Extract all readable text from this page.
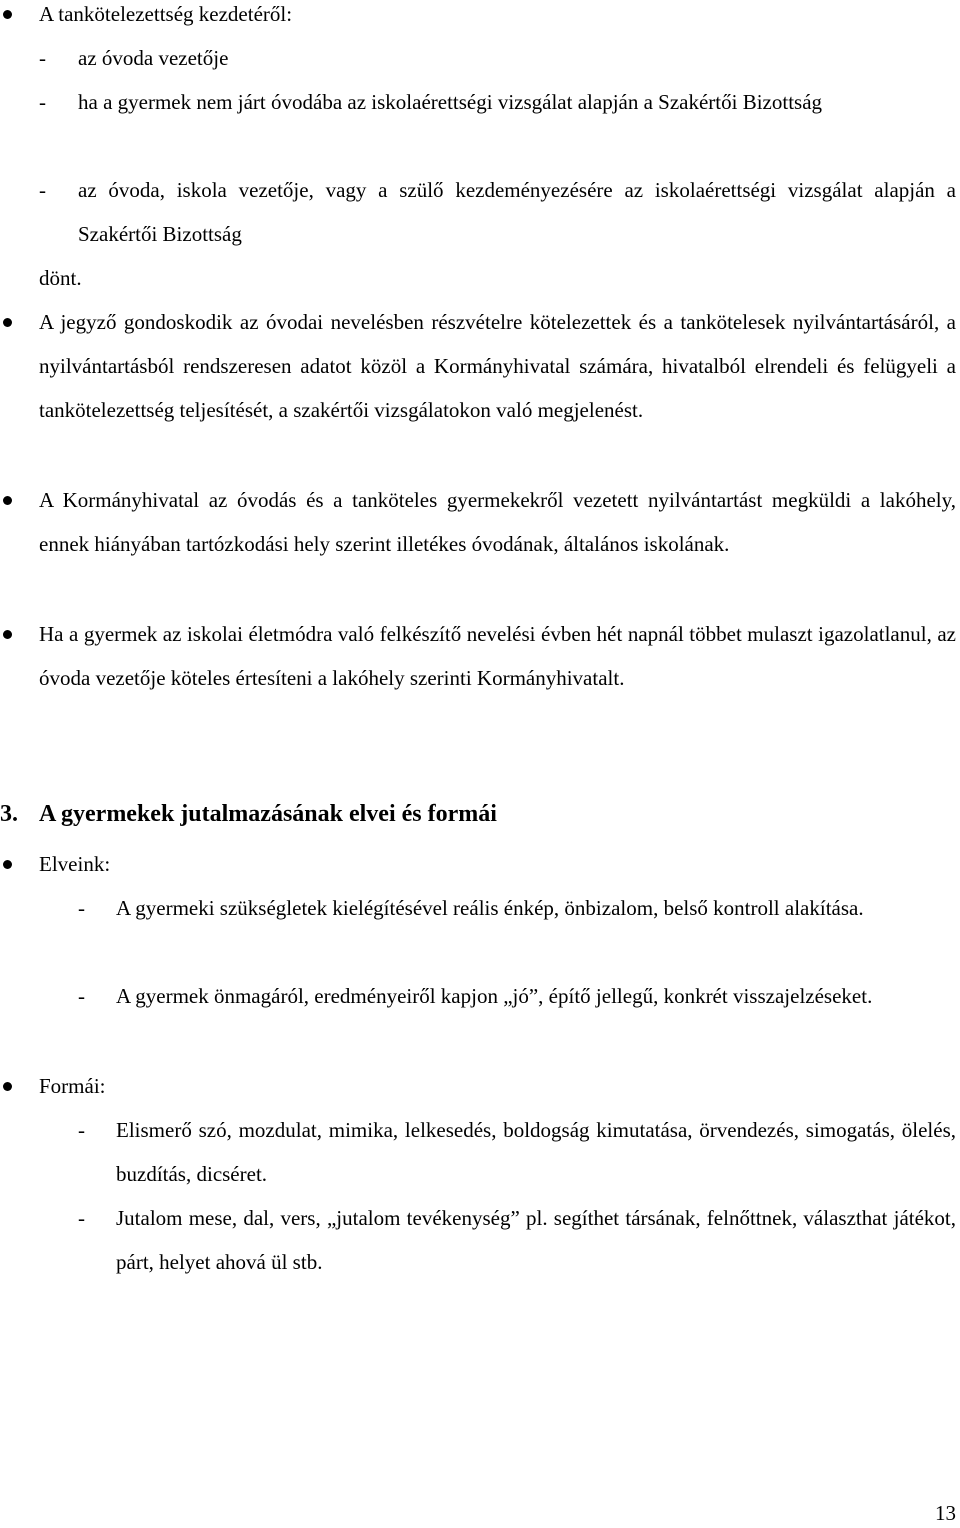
A tankötelezettség kezdetéről:
- az óvoda vezetője
- ha a gyermek nem járt óvodába az iskolaérettségi vizsgálat alapján a Szakértői Bizottság
- az óvoda, iskola vezetője, vagy a szülő kezdeményezésére az iskolaérettségi vizsgálat alapján a Szakértői Bizottság
dönt.
A jegyző gondoskodik az óvodai nevelésben részvételre kötelezettek és a tankötelesek nyilvántartásáról, a nyilvántartásból rendszeresen adatot közöl a Kormányhivatal számára, hivatalból elrendeli és felügyeli a tankötelezettség teljesítését, a szakértői vizsgálatokon való megjelenést.
A Kormányhivatal az óvodás és a tanköteles gyermekekről vezetett nyilvántartást megküldi a lakóhely, ennek hiányában tartózkodási hely szerint illetékes óvodának, általános iskolának.
Ha a gyermek az iskolai életmódra való felkészítő nevelési évben hét napnál többet mulaszt igazolatlanul, az óvoda vezetője köteles értesíteni a lakóhely szerinti Kormányhivatalt.
3. A gyermekek jutalmazásának elvei és formái
Elveink:
- A gyermeki szükségletek kielégítésével reális énkép, önbizalom, belső kontroll alakítása.
- A gyermek önmagáról, eredményeiről kapjon „jó”, építő jellegű, konkrét visszajelzéseket.
Formái:
- Elismerő szó, mozdulat, mimika, lelkesedés, boldogság kimutatása, örvendezés, simogatás, ölelés, buzdítás, dicséret.
- Jutalom mese, dal, vers, „jutalom tevékenység” pl. segíthet társának, felnőttnek, választhat játékot, párt, helyet ahová ül stb.
13
